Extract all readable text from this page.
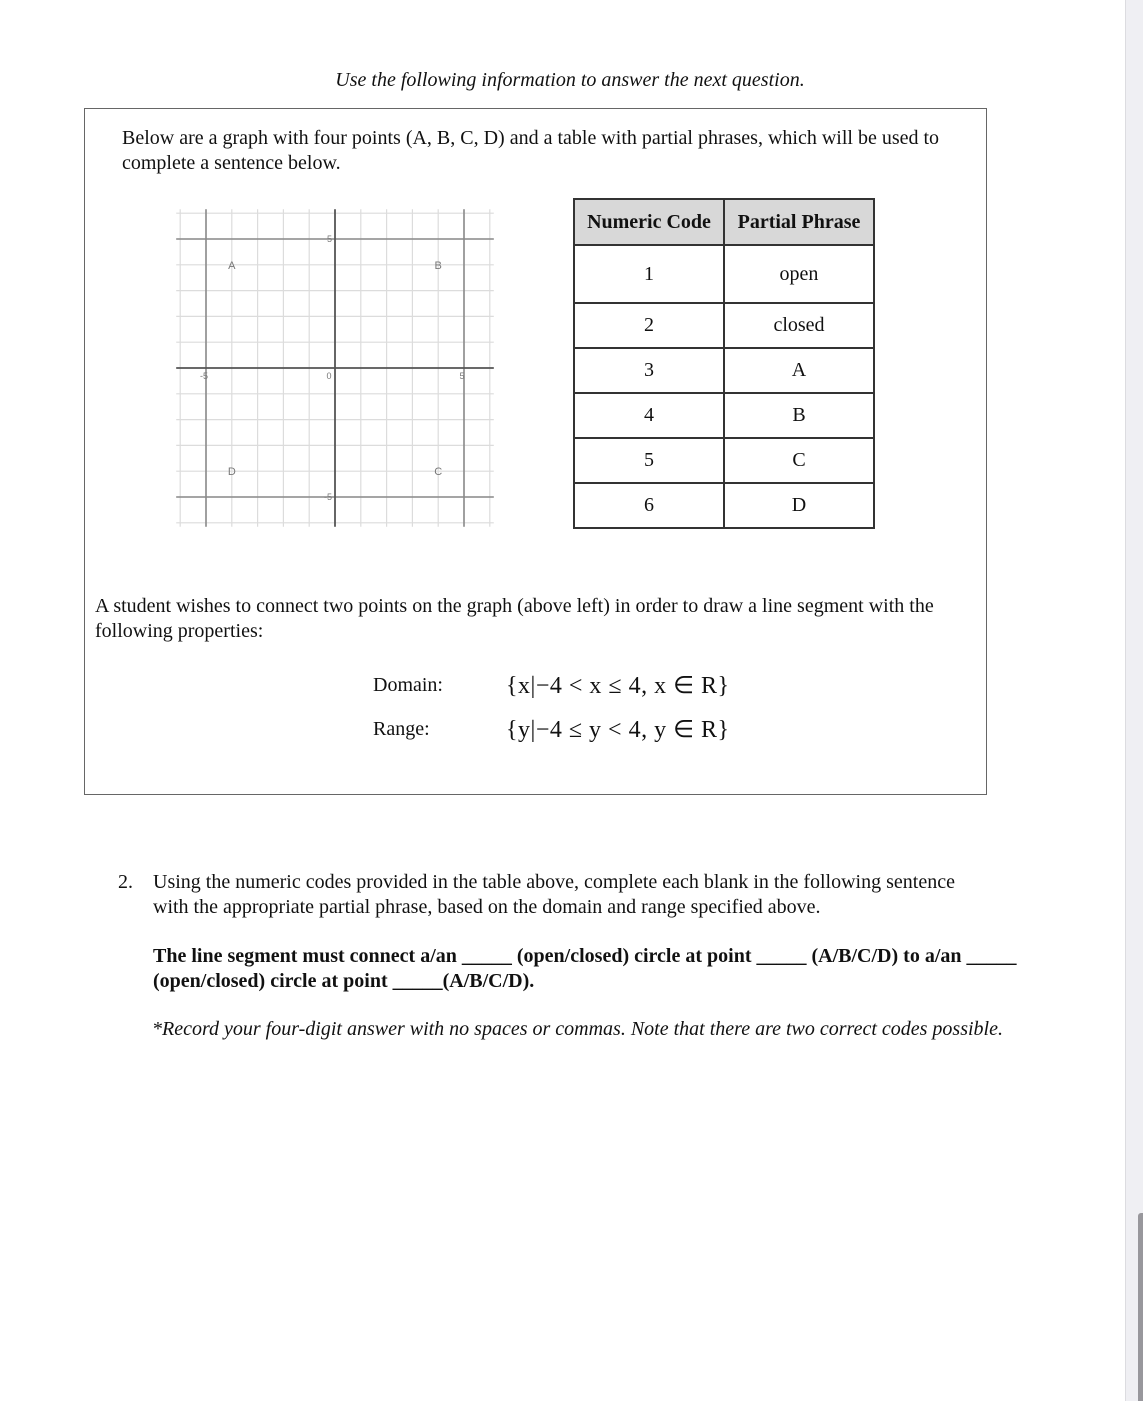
Use the following information to answer the next question.
Below are a graph with four points (A, B, C, D) and a table with partial phrases, which will be used to complete a sentence below.
-5	0	5
5
-5
A	B
C
D
Numeric Code	Partial Phrase
1	open
2	closed
3	A
4	B
5	C
6	D
A student wishes to connect two points on the graph (above left) in order to draw a line segment with the following properties:
Domain:	{x|−4 < x ≤ 4, x ∈ R}
Range:	{y|−4 ≤ y < 4, y ∈ R}
2. Using the numeric codes provided in the table above, complete each blank in the following sentence with the appropriate partial phrase, based on the domain and range specified above.
The line segment must connect a/an _____ (open/closed) circle at point _____ (A/B/C/D) to a/an _____ (open/closed) circle at point _____(A/B/C/D).
*Record your four-digit answer with no spaces or commas. Note that there are two correct codes possible.
